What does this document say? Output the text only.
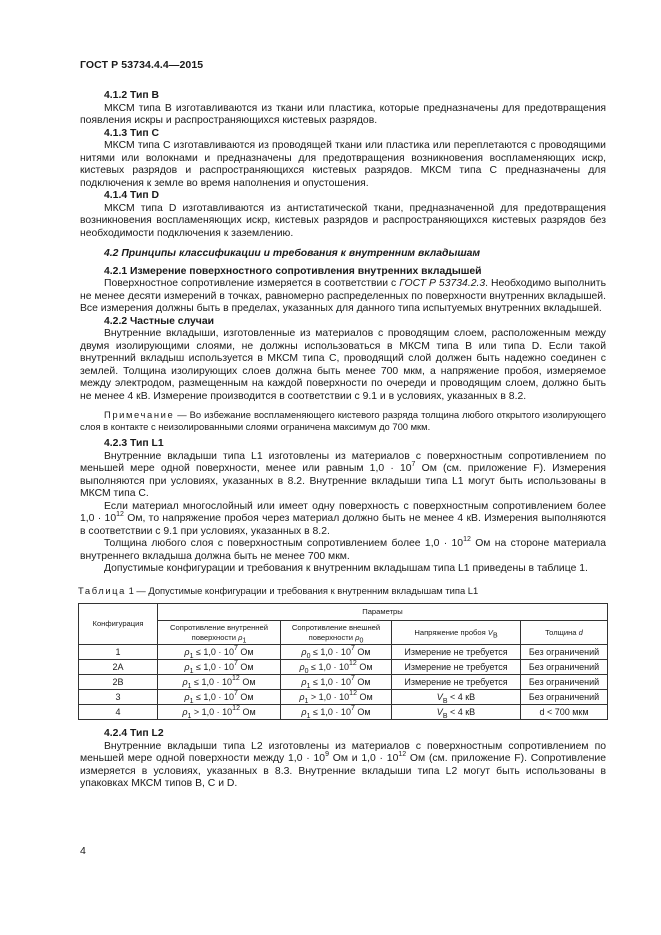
ГОСТ Р 53734.4.4—2015
4.1.2 Тип В

МКСМ типа В изготавливаются из ткани или пластика, которые предназначены для предотвращения появления искры и распространяющихся кистевых разрядов.

4.1.3 Тип С

МКСМ типа С изготавливаются из проводящей ткани или пластика или переплетаются с проводящими нитями или волокнами и предназначены для предотвращения возникновения воспламеняющих искр, кистевых разрядов и распространяющихся кистевых разрядов. МКСМ типа С предназначены для подключения к земле во время наполнения и опустошения.

4.1.4 Тип D

МКСМ типа D изготавливаются из антистатической ткани, предназначенной для предотвращения возникновения воспламеняющих искр, кистевых разрядов и распространяющихся кистевых разрядов без необходимости подключения к заземлению.

4.2 Принципы классификации и требования к внутренним вкладышам
4.2.1 Измерение поверхностного сопротивления внутренних вкладышей

Поверхностное сопротивление измеряется в соответствии с ГОСТ Р 53734.2.3. Необходимо выполнить не менее десяти измерений в точках, равномерно распределенных по поверхности внутренних вкладышей. Все измерения должны быть в пределах, указанных для данного типа испытуемых внутренних вкладышей.

4.2.2 Частные случаи

Внутренние вкладыши, изготовленные из материалов с проводящим слоем, расположенным между двумя изолирующими слоями, не должны использоваться в МКСМ типа В или типа D. Если такой внутренний вкладыш используется в МКСМ типа С, проводящий слой должен быть надежно соединен с землей. Толщина изолирующих слоев должна быть менее 700 мкм, а напряжение пробоя, измеряемое между электродом, размещенным на каждой поверхности по очереди и проводящим слоем, должно быть не менее 4 кВ. Измерение производится в соответствии с 9.1 и в условиях, указанных в 8.2.

Примечание — Во избежание воспламеняющего кистевого разряда толщина любого открытого изолирующего слоя в контакте с неизолированными слоями ограничена максимум до 700 мкм.

4.2.3 Тип L1

Внутренние вкладыши типа L1 изготовлены из материалов с поверхностным сопротивлением по меньшей мере одной поверхности, менее или равным $1,0 \cdot 10^7$ Ом (см. приложение F). Измерения выполняются при условиях, указанных в 8.2. Внутренние вкладыши типа L1 могут быть использованы в МКСМ типа С.

Если материал многослойный или имеет одну поверхность с поверхностным сопротивлением более $1,0 \cdot 10^{12}$ Ом, то напряжение пробоя через материал должно быть не менее 4 кВ. Измерения выполняются в соответствии с 9.1 при условиях, указанных в 8.2.

Толщина любого слоя с поверхностным сопротивлением более $1,0 \cdot 10^{12}$ Ом на стороне материала внутреннего вкладыша должна быть не менее 700 мкм.

Допустимые конфигурации и требования к внутренним вкладышам типа L1 приведены в таблице 1.

Таблица 1 — Допустимые конфигурации и требования к внутренним вкладышам типа L1
Конфигурация	Параметры			
	Сопротивление внутренней поверхности $\rho_1$	Сопротивление внешней поверхности $\rho_0$	Напряжение пробоя $V_B$	Толщина d
1	$\rho_1 \le 1,0 \cdot 10^7$ Ом	$\rho_0 \le 1,0 \cdot 10^7$ Ом	Измерение не требуется	Без ограничений
2A	$\rho_1 \le 1,0 \cdot 10^7$ Ом	$\rho_0 \le 1,0 \cdot 10^{12}$ Ом	Измерение не требуется	Без ограничений
2B	$\rho_1 \le 1,0 \cdot 10^{12}$ Ом	$\rho_1 \le 1,0 \cdot 10^7$ Ом	Измерение не требуется	Без ограничений
3	$\rho_1 \le 1,0 \cdot 10^7$ Ом	$\rho_1 > 1,0 \cdot 10^{12}$ Ом	$V_B < 4$ кВ	Без ограничений
4	$\rho_1 > 1,0 \cdot 10^{12}$ Ом	$\rho_1 \le 1,0 \cdot 10^7$ Ом	$V_B < 4$ кВ	d < 700 мкм
4.2.4 Тип L2

Внутренние вкладыши типа L2 изготовлены из материалов с поверхностным сопротивлением по меньшей мере одной поверхности между $1,0 \cdot 10^9$ Ом и $1,0 \cdot 10^{12}$ Ом (см. приложение F). Сопротивление измеряется в условиях, указанных в 8.3. Внутренние вкладыши типа L2 могут быть использованы в упаковках МКСМ типов В, С и D.

4
